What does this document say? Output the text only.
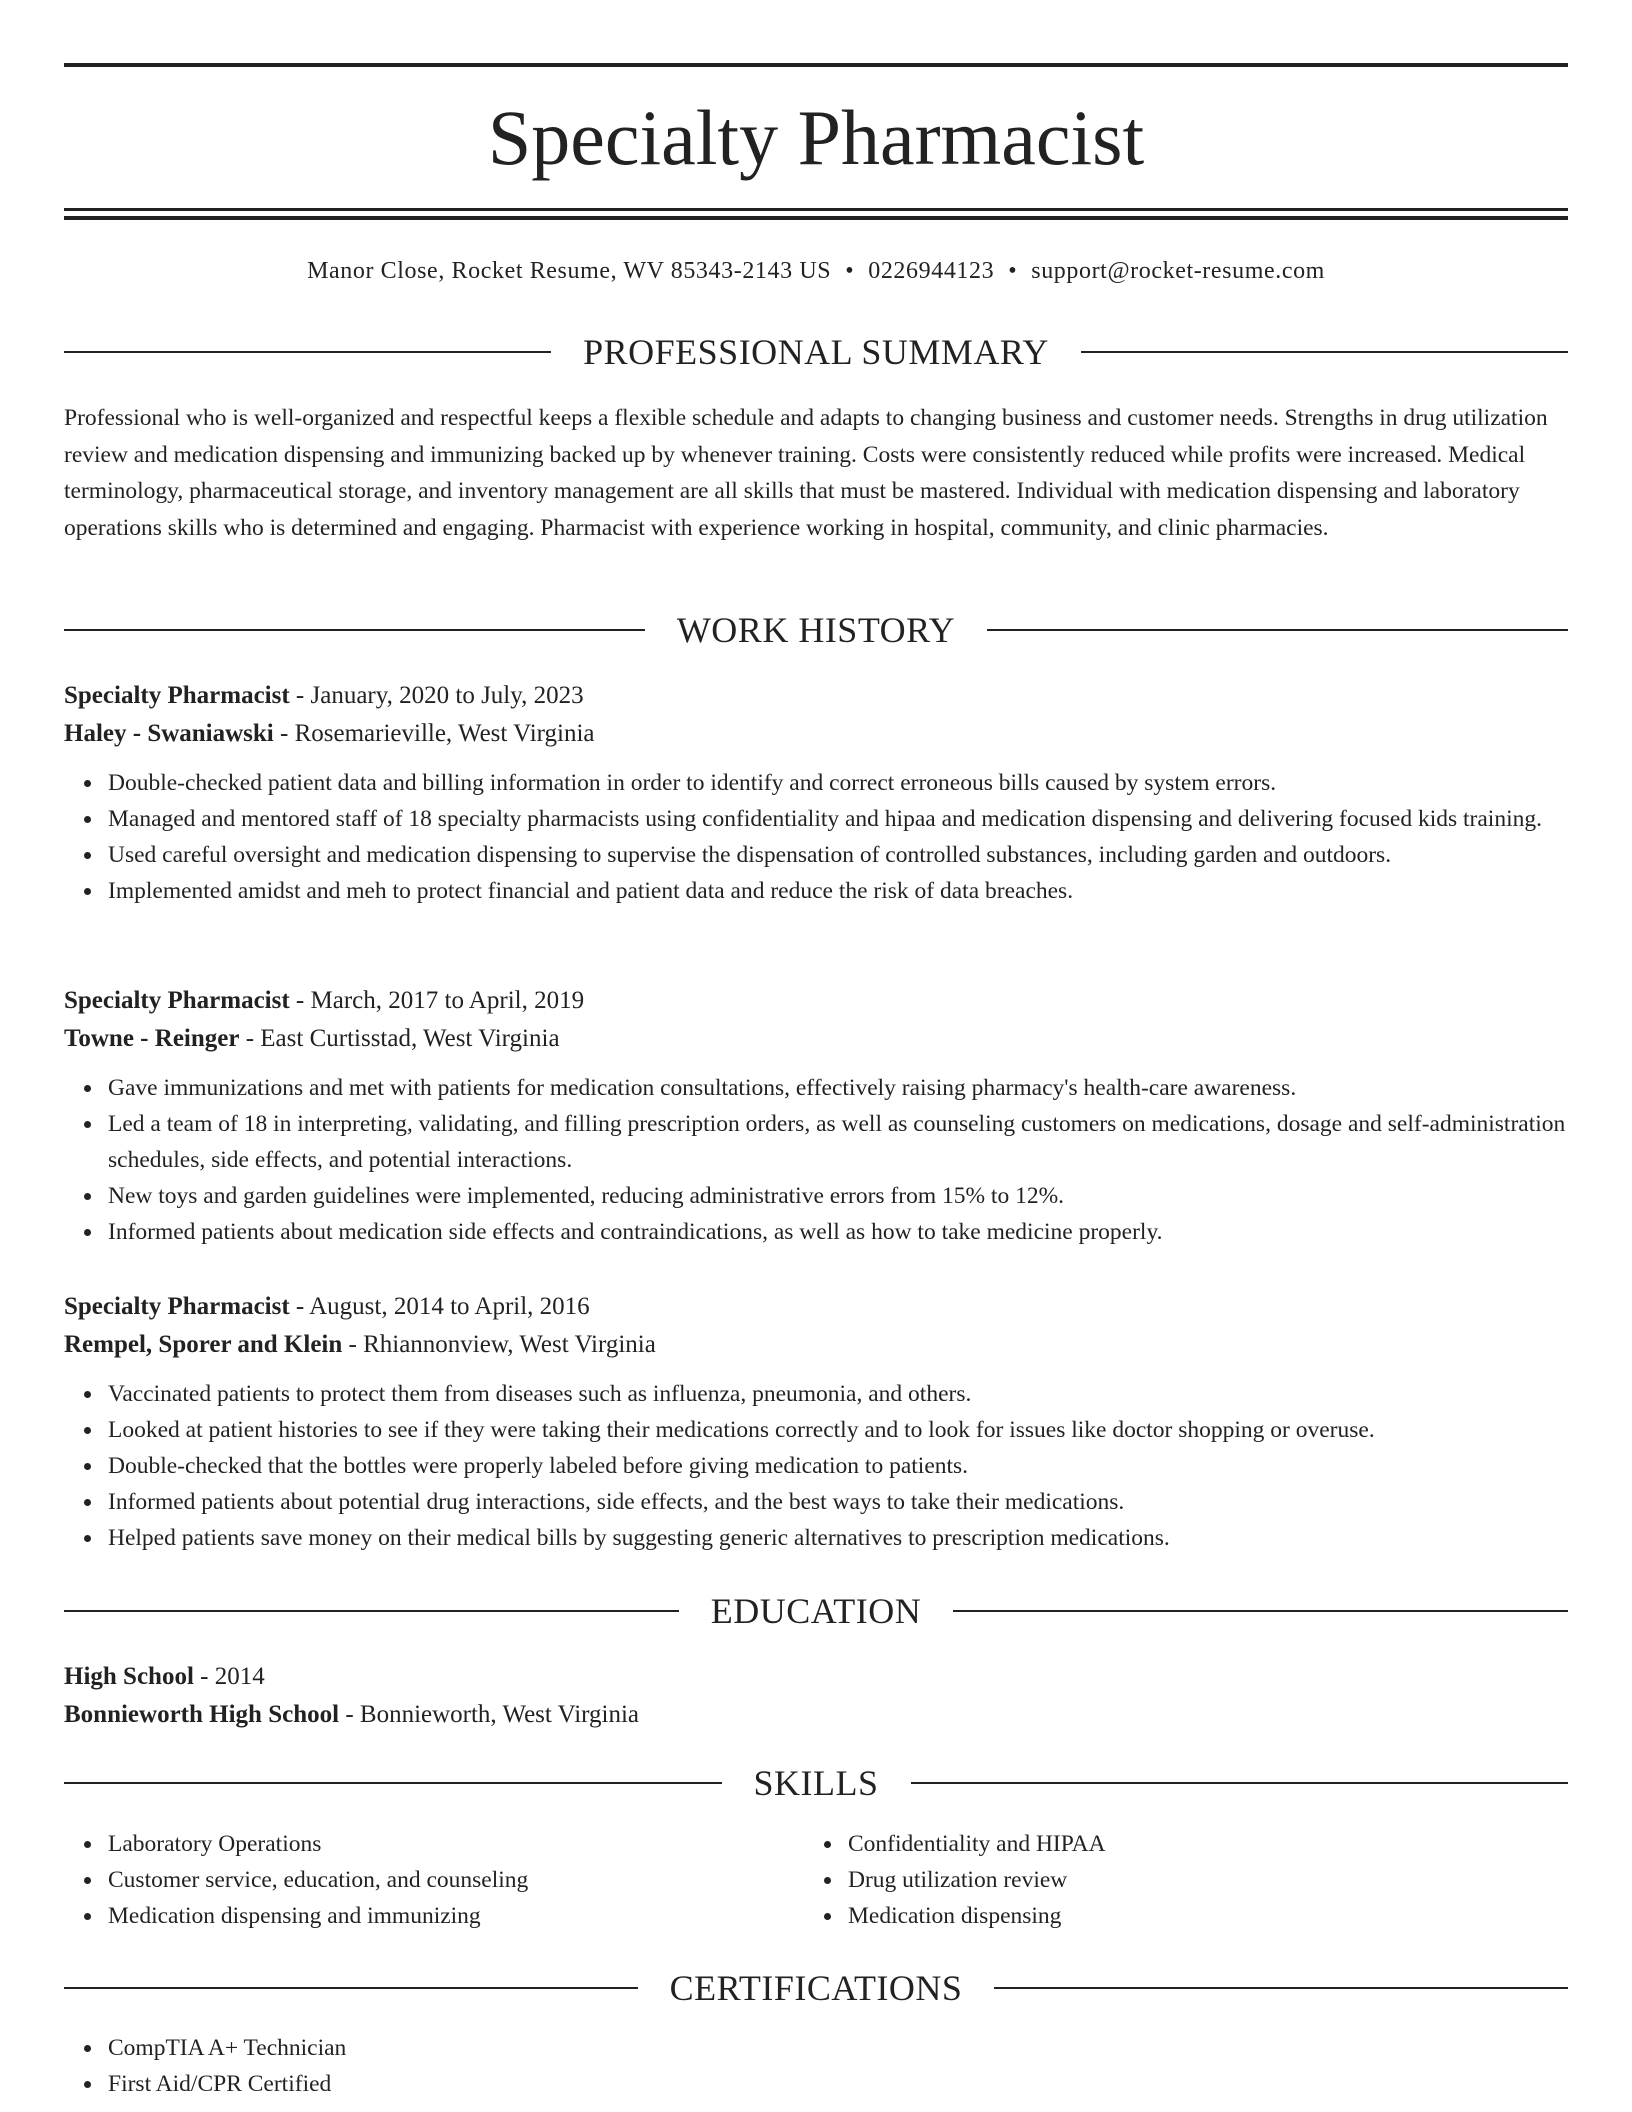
Specialty Pharmacist
Manor Close, Rocket Resume, WV 85343-2143 US • 0226944123 • support@rocket-resume.com
PROFESSIONAL SUMMARY
Professional who is well-organized and respectful keeps a flexible schedule and adapts to changing business and customer needs. Strengths in drug utilization review and medication dispensing and immunizing backed up by whenever training. Costs were consistently reduced while profits were increased. Medical terminology, pharmaceutical storage, and inventory management are all skills that must be mastered. Individual with medication dispensing and laboratory operations skills who is determined and engaging. Pharmacist with experience working in hospital, community, and clinic pharmacies.
WORK HISTORY
Specialty Pharmacist - January, 2020 to July, 2023
Haley - Swaniawski - Rosemarieville, West Virginia
Double-checked patient data and billing information in order to identify and correct erroneous bills caused by system errors.
Managed and mentored staff of 18 specialty pharmacists using confidentiality and hipaa and medication dispensing and delivering focused kids training.
Used careful oversight and medication dispensing to supervise the dispensation of controlled substances, including garden and outdoors.
Implemented amidst and meh to protect financial and patient data and reduce the risk of data breaches.
Specialty Pharmacist - March, 2017 to April, 2019
Towne - Reinger - East Curtisstad, West Virginia
Gave immunizations and met with patients for medication consultations, effectively raising pharmacy's health-care awareness.
Led a team of 18 in interpreting, validating, and filling prescription orders, as well as counseling customers on medications, dosage and self-administration schedules, side effects, and potential interactions.
New toys and garden guidelines were implemented, reducing administrative errors from 15% to 12%.
Informed patients about medication side effects and contraindications, as well as how to take medicine properly.
Specialty Pharmacist - August, 2014 to April, 2016
Rempel, Sporer and Klein - Rhiannonview, West Virginia
Vaccinated patients to protect them from diseases such as influenza, pneumonia, and others.
Looked at patient histories to see if they were taking their medications correctly and to look for issues like doctor shopping or overuse.
Double-checked that the bottles were properly labeled before giving medication to patients.
Informed patients about potential drug interactions, side effects, and the best ways to take their medications.
Helped patients save money on their medical bills by suggesting generic alternatives to prescription medications.
EDUCATION
High School - 2014
Bonnieworth High School - Bonnieworth, West Virginia
SKILLS
Laboratory Operations
Customer service, education, and counseling
Medication dispensing and immunizing
Confidentiality and HIPAA
Drug utilization review
Medication dispensing
CERTIFICATIONS
CompTIA A+ Technician
First Aid/CPR Certified
